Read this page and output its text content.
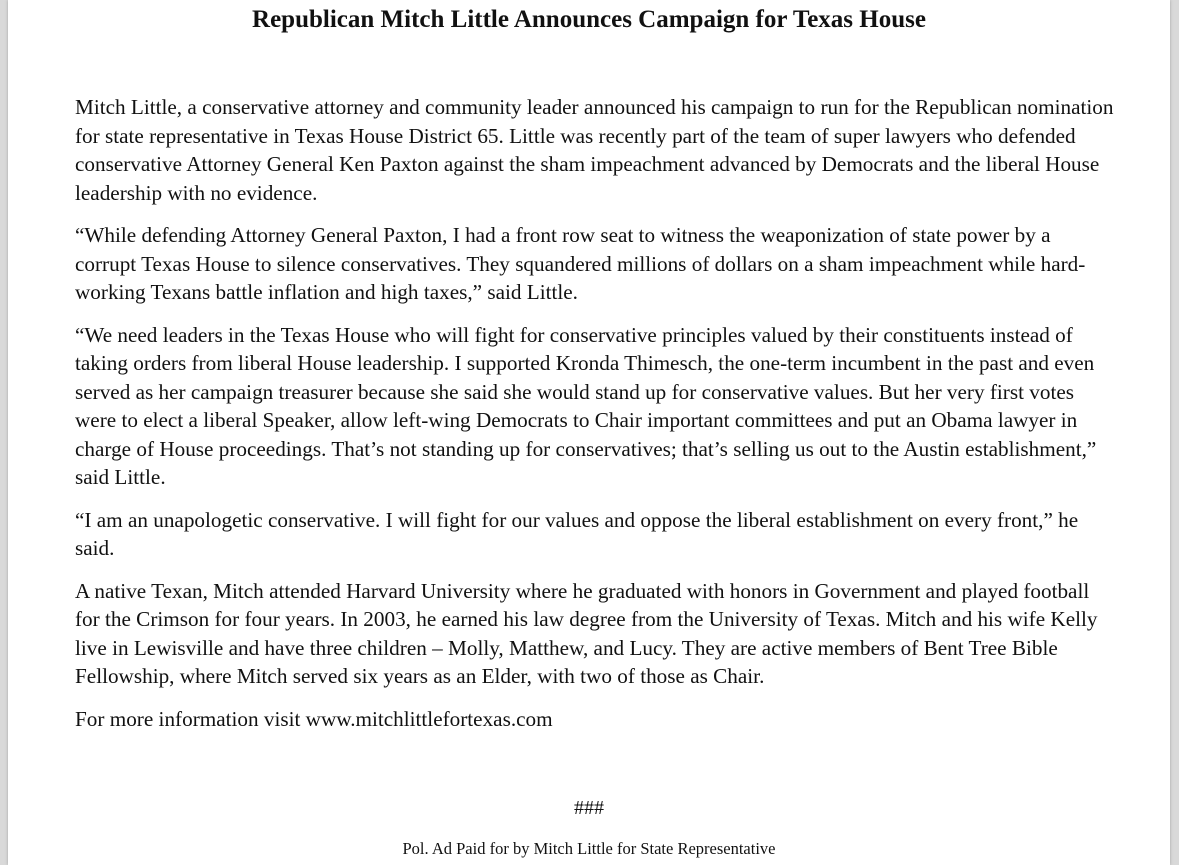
Republican Mitch Little Announces Campaign for Texas House

Mitch Little, a conservative attorney and community leader announced his campaign to run for the Republican nomination for state representative in Texas House District 65. Little was recently part of the team of super lawyers who defended conservative Attorney General Ken Paxton against the sham impeachment advanced by Democrats and the liberal House leadership with no evidence.

“While defending Attorney General Paxton, I had a front row seat to witness the weaponization of state power by a corrupt Texas House to silence conservatives. They squandered millions of dollars on a sham impeachment while hard-working Texans battle inflation and high taxes,” said Little.

“We need leaders in the Texas House who will fight for conservative principles valued by their constituents instead of taking orders from liberal House leadership. I supported Kronda Thimesch, the one-term incumbent in the past and even served as her campaign treasurer because she said she would stand up for conservative values. But her very first votes were to elect a liberal Speaker, allow left-wing Democrats to Chair important committees and put an Obama lawyer in charge of House proceedings. That’s not standing up for conservatives; that’s selling us out to the Austin establishment,” said Little.

“I am an unapologetic conservative. I will fight for our values and oppose the liberal establishment on every front,” he said.

A native Texan, Mitch attended Harvard University where he graduated with honors in Government and played football for the Crimson for four years. In 2003, he earned his law degree from the University of Texas. Mitch and his wife Kelly live in Lewisville and have three children – Molly, Matthew, and Lucy. They are active members of Bent Tree Bible Fellowship, where Mitch served six years as an Elder, with two of those as Chair.

For more information visit www.mitchlittlefortexas.com

###

Pol. Ad Paid for by Mitch Little for State Representative
